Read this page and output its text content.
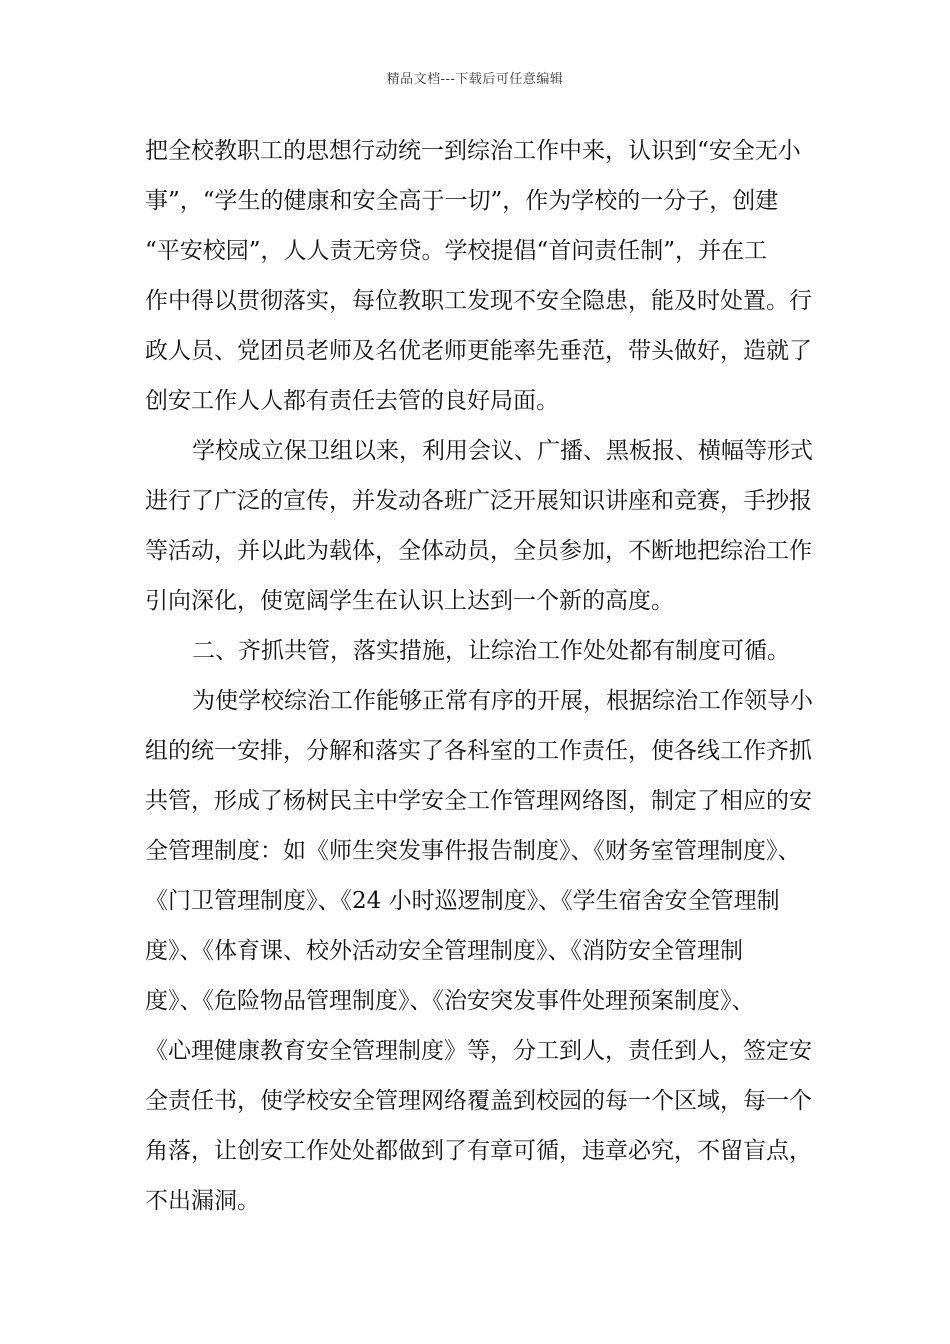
精品文档---下载后可任意编辑
把全校教职工的思想行动统一到综治工作中来，认识到“安全无小
事”，“学生的健康和安全高于一切”，作为学校的一分子，创建
“平安校园”，人人责无旁贷。学校提倡“首问责任制”，并在工
作中得以贯彻落实，每位教职工发现不安全隐患，能及时处置。行
政人员、党团员老师及名优老师更能率先垂范，带头做好，造就了
创安工作人人都有责任去管的良好局面。
学校成立保卫组以来，利用会议、广播、黑板报、横幅等形式
进行了广泛的宣传，并发动各班广泛开展知识讲座和竞赛，手抄报
等活动，并以此为载体，全体动员，全员参加，不断地把综治工作
引向深化，使宽阔学生在认识上达到一个新的高度。
二、齐抓共管，落实措施，让综治工作处处都有制度可循。
为使学校综治工作能够正常有序的开展，根据综治工作领导小
组的统一安排，分解和落实了各科室的工作责任，使各线工作齐抓
共管，形成了杨树民主中学安全工作管理网络图，制定了相应的安
全管理制度：如《师生突发事件报告制度》、《财务室管理制度》、
《门卫管理制度》、《24 小时巡逻制度》、《学生宿舍安全管理制
度》、《体育课、校外活动安全管理制度》、《消防安全管理制
度》、《危险物品管理制度》、《治安突发事件处理预案制度》、
《心理健康教育安全管理制度》等，分工到人，责任到人，签定安
全责任书，使学校安全管理网络覆盖到校园的每一个区域，每一个
角落，让创安工作处处都做到了有章可循，违章必究，不留盲点，
不出漏洞。
